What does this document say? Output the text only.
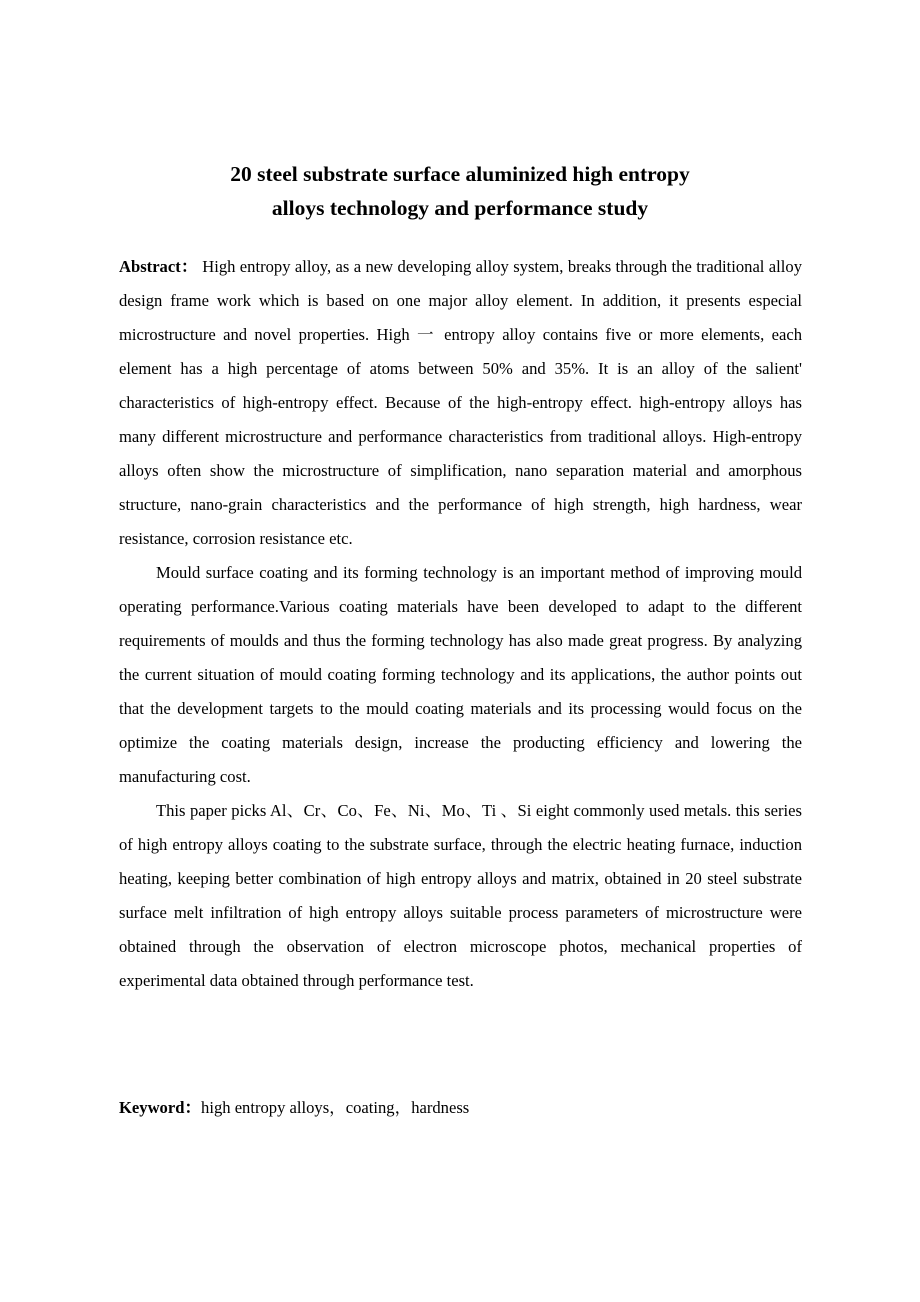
20 steel substrate surface aluminized high entropy
alloys technology and performance study

Abstract： High entropy alloy, as a new developing alloy system, breaks through the traditional alloy design frame work which is based on one major alloy element. In addition, it presents especial microstructure and novel properties. High 一 entropy alloy contains five or more elements, each element has a high percentage of atoms between 50% and 35%. It is an alloy of the salient' characteristics of high-entropy effect. Because of the high-entropy effect. high-entropy alloys has many different microstructure and performance characteristics from traditional alloys. High-entropy alloys often show the microstructure of simplification, nano separation material and amorphous structure, nano-grain characteristics and the performance of high strength, high hardness, wear resistance, corrosion resistance etc.

Mould surface coating and its forming technology is an important method of improving mould operating performance.Various coating materials have been developed to adapt to the different requirements of moulds and thus the forming technology has also made great progress. By analyzing the current situation of mould coating forming technology and its applications, the author points out that the development targets to the mould coating materials and its processing would focus on the optimize the coating materials design, increase the producting efficiency and lowering the manufacturing cost.

This paper picks Al、Cr、Co、Fe、Ni、Mo、Ti 、Si eight commonly used metals. this series of high entropy alloys coating to the substrate surface, through the electric heating furnace, induction heating, keeping better combination of high entropy alloys and matrix, obtained in 20 steel substrate surface melt infiltration of high entropy alloys suitable process parameters of microstructure were obtained through the observation of electron microscope photos, mechanical properties of experimental data obtained through performance test.

Keyword：high entropy alloys，coating，hardness
